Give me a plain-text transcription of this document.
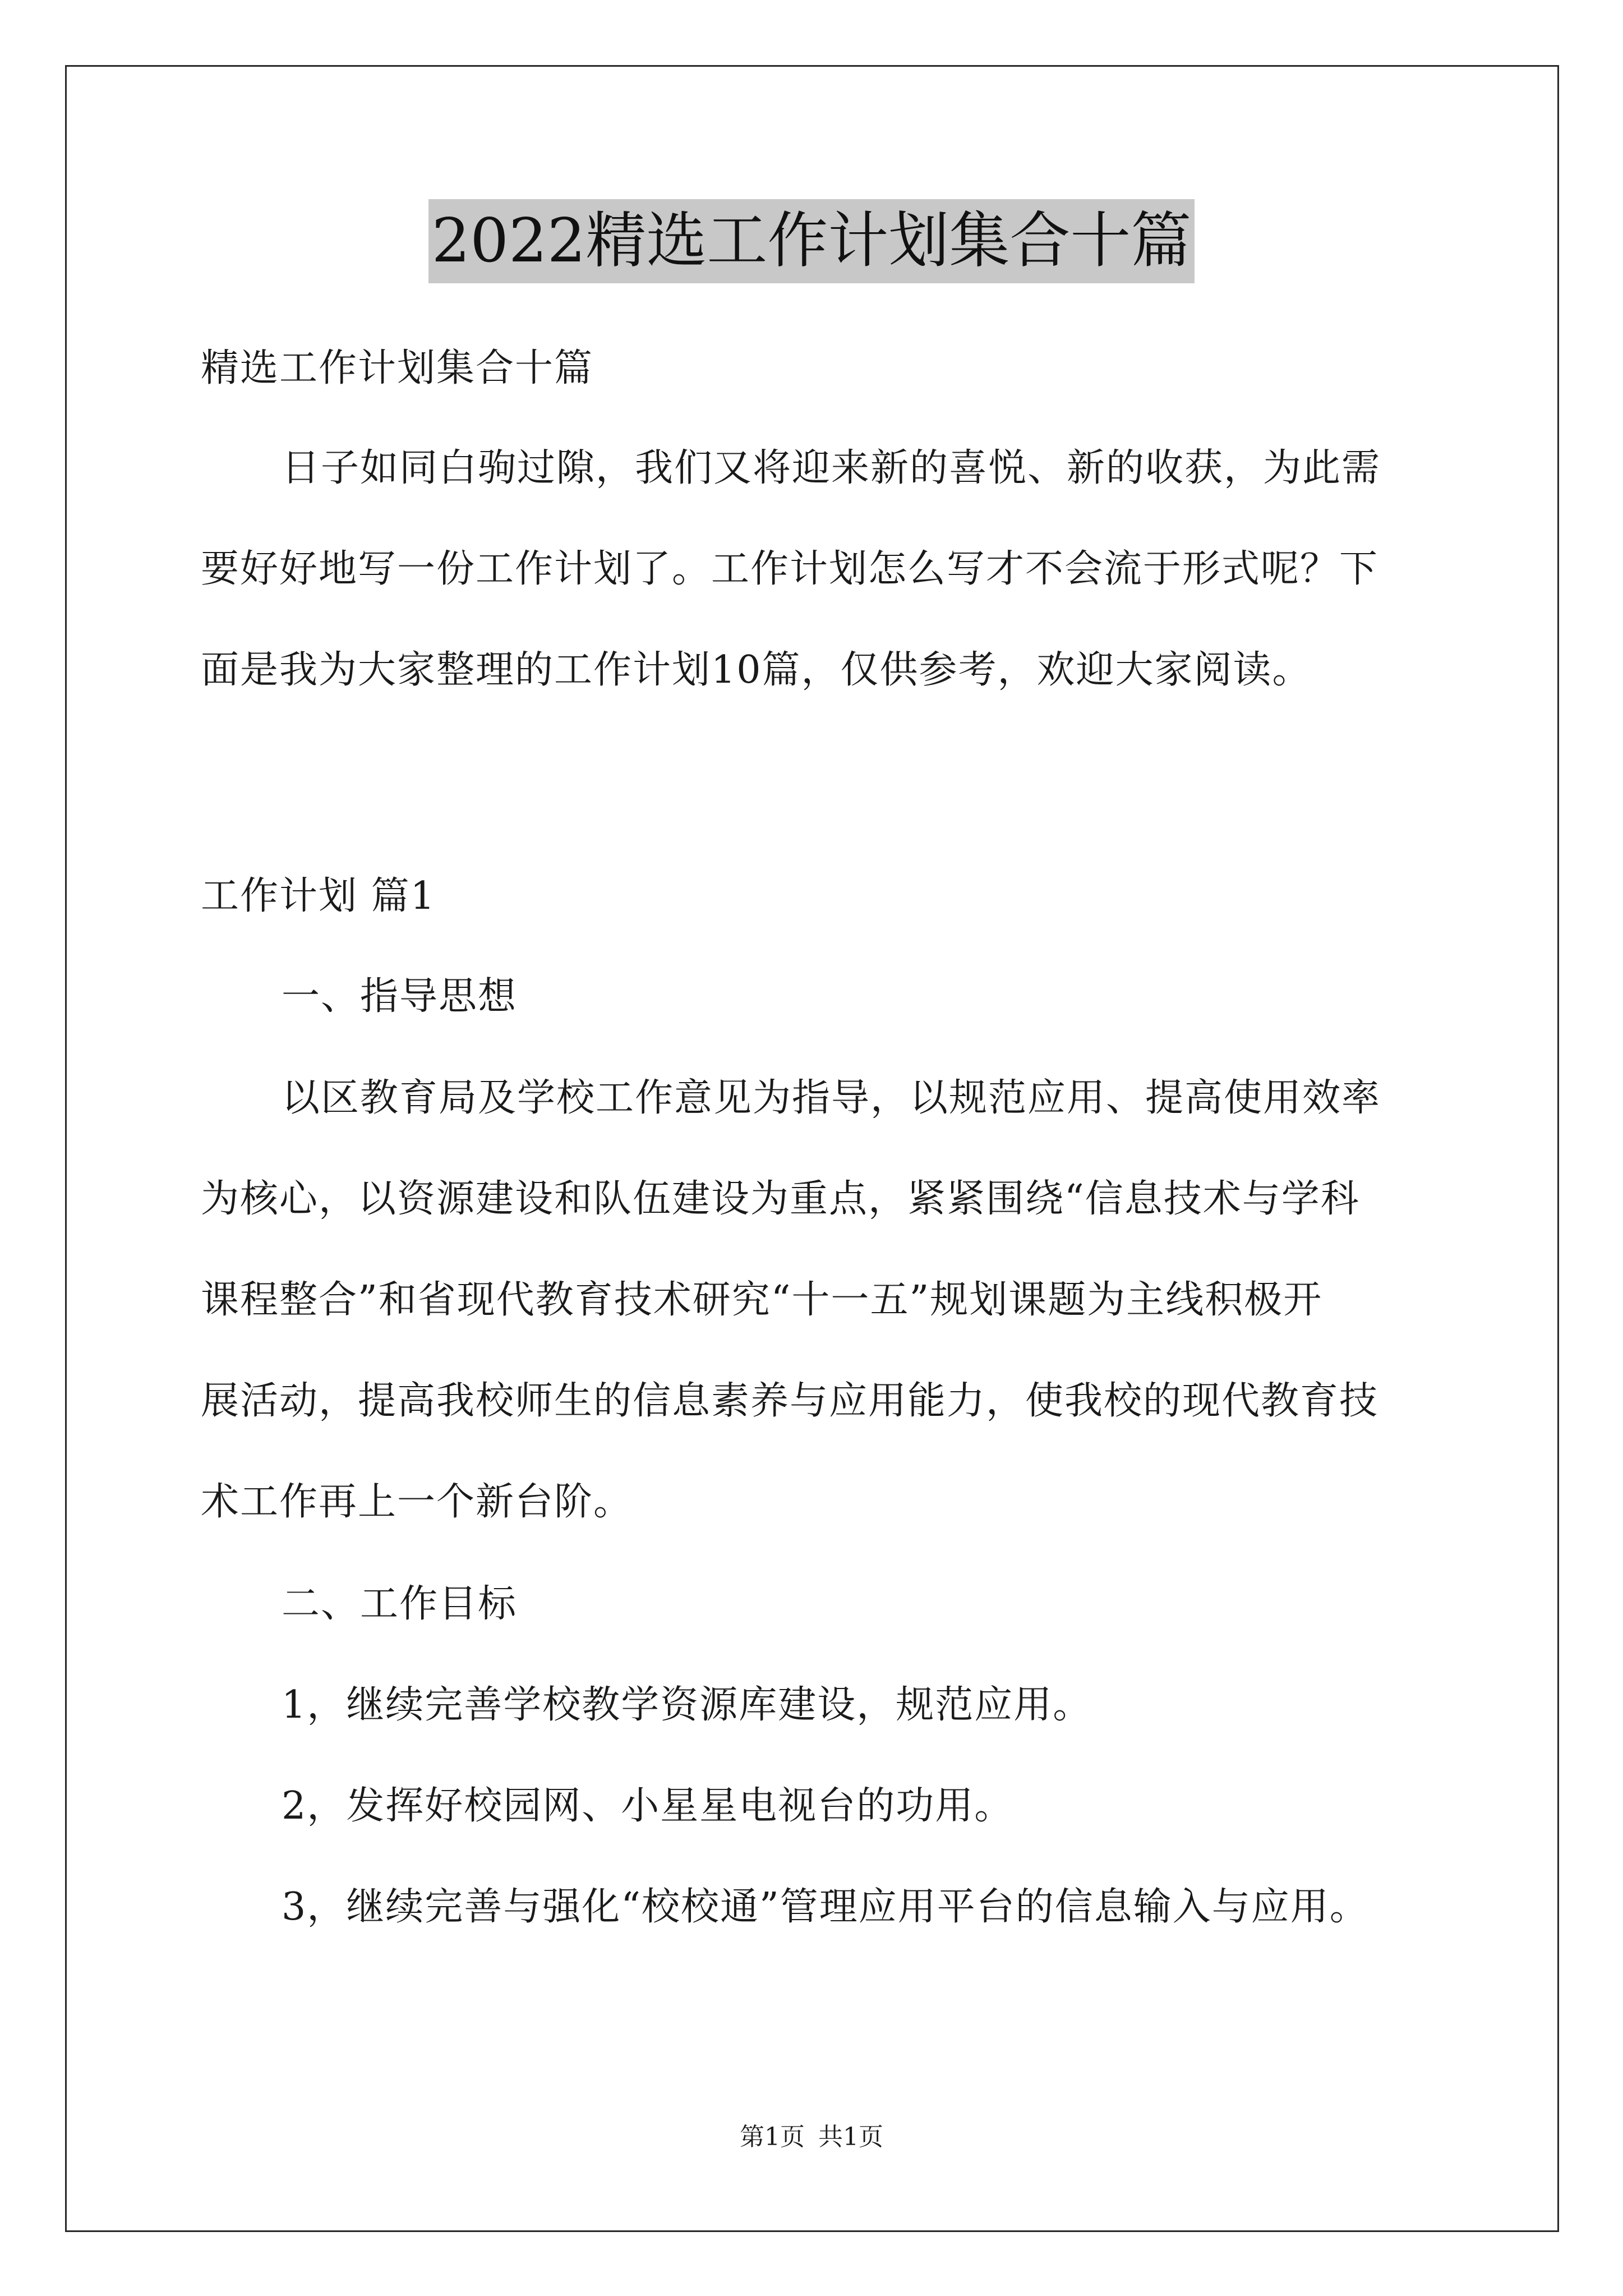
2022精选工作计划集合十篇
精选工作计划集合十篇
日子如同白驹过隙，我们又将迎来新的喜悦、新的收获，为此需
要好好地写一份工作计划了。工作计划怎么写才不会流于形式呢？下
面是我为大家整理的工作计划10篇，仅供参考，欢迎大家阅读。
工作计划 篇1
一、指导思想
以区教育局及学校工作意见为指导，以规范应用、提高使用效率
为核心，以资源建设和队伍建设为重点，紧紧围绕“信息技术与学科
课程整合”和省现代教育技术研究“十一五”规划课题为主线积极开
展活动，提高我校师生的信息素养与应用能力，使我校的现代教育技
术工作再上一个新台阶。
二、工作目标
1，继续完善学校教学资源库建设，规范应用。
2，发挥好校园网、小星星电视台的功用。
3，继续完善与强化“校校通”管理应用平台的信息输入与应用。
第1页 共1页
